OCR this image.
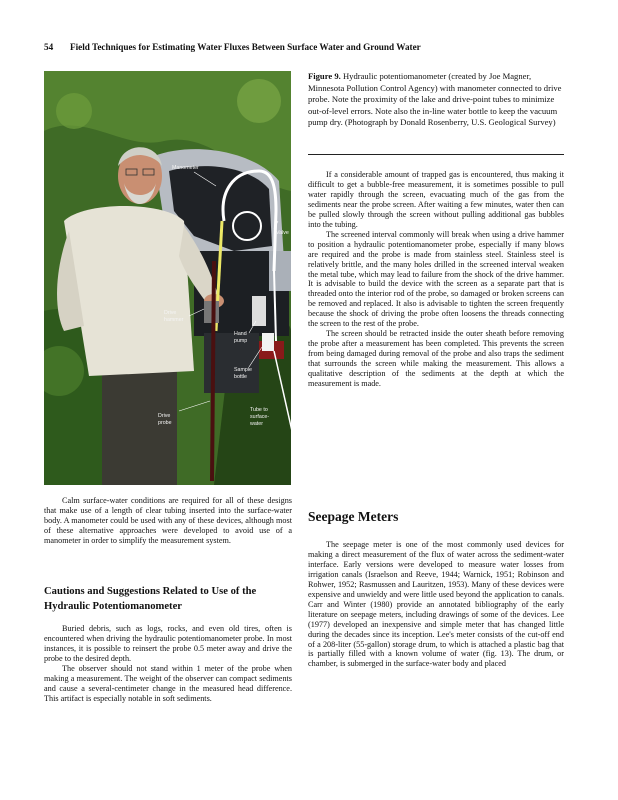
54 Field Techniques for Estimating Water Fluxes Between Surface Water and Ground Water
Manometer
Valve
Drive
hammer
Hand
pump
Sample
bottle
Drive
probe
Tube to
surface-
water
Figure 9. Hydraulic potentiomanometer (created by Joe Magner, Minnesota Pollution Control Agency) with manometer connected to drive probe. Note the proximity of the lake and drive-point tubes to minimize out-of-level errors. Note also the in-line water bottle to keep the vacuum pump dry. (Photograph by Donald Rosenberry, U.S. Geological Survey)

If a considerable amount of trapped gas is encountered, thus making it difficult to get a bubble-free measurement, it is sometimes possible to pull water rapidly through the screen, evacuating much of the gas from the sediments near the probe screen. After waiting a few minutes, water then can be pulled slowly through the screen without pulling additional gas bubbles into the tubing.

The screened interval commonly will break when using a drive hammer to position a hydraulic potentiomanometer probe, especially if many blows are required and the probe is made from stainless steel. Stainless steel is relatively brittle, and the many holes drilled in the screened interval weaken the metal tube, which may lead to failure from the shock of the drive hammer. It is advisable to build the device with the screen as a separate part that is threaded onto the interior rod of the probe, so damaged or broken screens can be removed and replaced. It also is advisable to tighten the screen frequently because the shock of driving the probe often loosens the threads connecting the screen to the rest of the probe.

The screen should be retracted inside the outer sheath before removing the probe after a measurement has been completed. This prevents the screen from being damaged during removal of the probe and also traps the sediment that surrounds the screen while making the measurement. This allows a qualitative description of the sediments at the depth at which the measurement is made.

Seepage Meters

The seepage meter is one of the most commonly used devices for making a direct measurement of the flux of water across the sediment-water interface. Early versions were developed to measure water losses from irrigation canals (Israelson and Reeve, 1944; Warnick, 1951; Robinson and Rohwer, 1952; Rasmussen and Lauritzen, 1953). Many of these devices were expensive and unwieldy and were little used beyond the application to canals. Carr and Winter (1980) provide an annotated bibliography of the early literature on seepage meters, including drawings of some of the devices. Lee (1977) developed an inexpensive and simple meter that has changed little during the decades since its inception. Lee's meter consists of the cut-off end of a 208-liter (55-gallon) storage drum, to which is attached a plastic bag that is partially filled with a known volume of water (fig. 13). The drum, or chamber, is submerged in the surface-water body and placed

Calm surface-water conditions are required for all of these designs that make use of a length of clear tubing inserted into the surface-water body. A manometer could be used with any of these devices, although most of these alternative approaches were developed to avoid use of a manometer in order to simplify the measurement system.

Cautions and Suggestions Related to Use of the Hydraulic Potentiomanometer

Buried debris, such as logs, rocks, and even old tires, often is encountered when driving the hydraulic potentiomanometer probe. In most instances, it is possible to reinsert the probe 0.5 meter away and drive the probe to the desired depth.

The observer should not stand within 1 meter of the probe when making a measurement. The weight of the observer can compact sediments and cause a several-centimeter change in the measured head difference. This artifact is especially notable in soft sediments.
